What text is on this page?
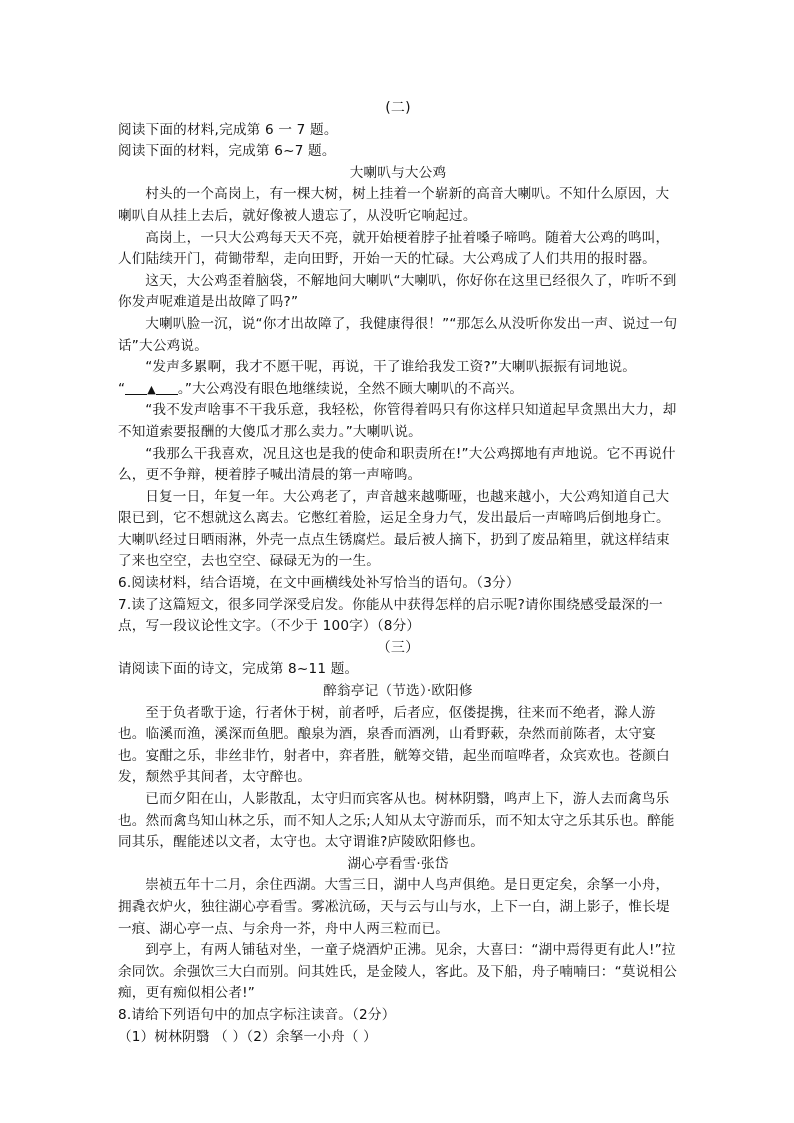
(二)

阅读下面的材料,完成第 6 一 7 题。

阅读下面的材料，完成第 6~7 题。

大喇叭与大公鸡

村头的一个高岗上，有一棵大树，树上挂着一个崭新的高音大喇叭。不知什么原因，大喇叭自从挂上去后，就好像被人遗忘了，从没听它响起过。

高岗上，一只大公鸡每天天不亮，就开始梗着脖子扯着嗓子啼鸣。随着大公鸡的鸣叫，人们陆续开门，荷锄带犁，走向田野，开始一天的忙碌。大公鸡成了人们共用的报时器。

这天，大公鸡歪着脑袋，不解地问大喇叭“大喇叭，你好你在这里已经很久了，咋听不到你发声呢难道是出故障了吗?”

大喇叭脸一沉，说“你才出故障了，我健康得很！”“那怎么从没听你发出一声、说过一句话”大公鸡说。

“发声多累啊，我才不愿干呢，再说，干了谁给我发工资?”大喇叭振振有词地说。

“ ▲ 。”大公鸡没有眼色地继续说，全然不顾大喇叭的不高兴。

“我不发声啥事不干我乐意，我轻松，你管得着吗只有你这样只知道起早贪黑出大力，却不知道索要报酬的大傻瓜才那么卖力。”大喇叭说。

“我那么干我喜欢，况且这也是我的使命和职责所在!”大公鸡掷地有声地说。它不再说什么，更不争辩，梗着脖子喊出清晨的第一声啼鸣。

日复一日，年复一年。大公鸡老了，声音越来越嘶哑，也越来越小，大公鸡知道自己大限已到，它不想就这么离去。它憋红着脸，运足全身力气，发出最后一声啼鸣后倒地身亡。大喇叭经过日晒雨淋，外壳一点点生锈腐烂。最后被人摘下，扔到了废品箱里，就这样结束了来也空空，去也空空、碌碌无为的一生。

6.阅读材料，结合语境，在文中画横线处补写恰当的语句。（3分）

7.读了这篇短文，很多同学深受启发。你能从中获得怎样的启示呢?请你围绕感受最深的一点，写一段议论性文字。（不少于 100字）（8分）

（三）

请阅读下面的诗文，完成第 8~11 题。

醉翁亭记（节选）·欧阳修

至于负者歌于途，行者休于树，前者呼，后者应，伛偻提携，往来而不绝者，滁人游也。临溪而渔，溪深而鱼肥。酿泉为酒，泉香而酒冽，山肴野蔌，杂然而前陈者，太守宴也。宴酣之乐，非丝非竹，射者中，弈者胜，觥筹交错，起坐而喧哗者，众宾欢也。苍颜白发，颓然乎其间者，太守醉也。

已而夕阳在山，人影散乱，太守归而宾客从也。树林阴翳，鸣声上下，游人去而禽鸟乐也。然而禽鸟知山林之乐，而不知人之乐;人知从太守游而乐，而不知太守之乐其乐也。醉能同其乐，醒能述以文者，太守也。太守谓谁?庐陵欧阳修也。

湖心亭看雪·张岱

崇祯五年十二月，余住西湖。大雪三日，湖中人鸟声俱绝。是日更定矣，余拏一小舟，拥毳衣炉火，独往湖心亭看雪。雾凇沆砀，天与云与山与水，上下一白，湖上影子，惟长堤一痕、湖心亭一点、与余舟一芥，舟中人两三粒而已。

到亭上，有两人铺毡对坐，一童子烧酒炉正沸。见余，大喜曰：“湖中焉得更有此人!”拉余同饮。余强饮三大白而别。问其姓氏，是金陵人，客此。及下船，舟子喃喃曰：“莫说相公痴，更有痴似相公者!”

8.请给下列语句中的加点字标注读音。（2分）

（1）树林阴翳 （ ）（2）余拏一小舟（ ）
